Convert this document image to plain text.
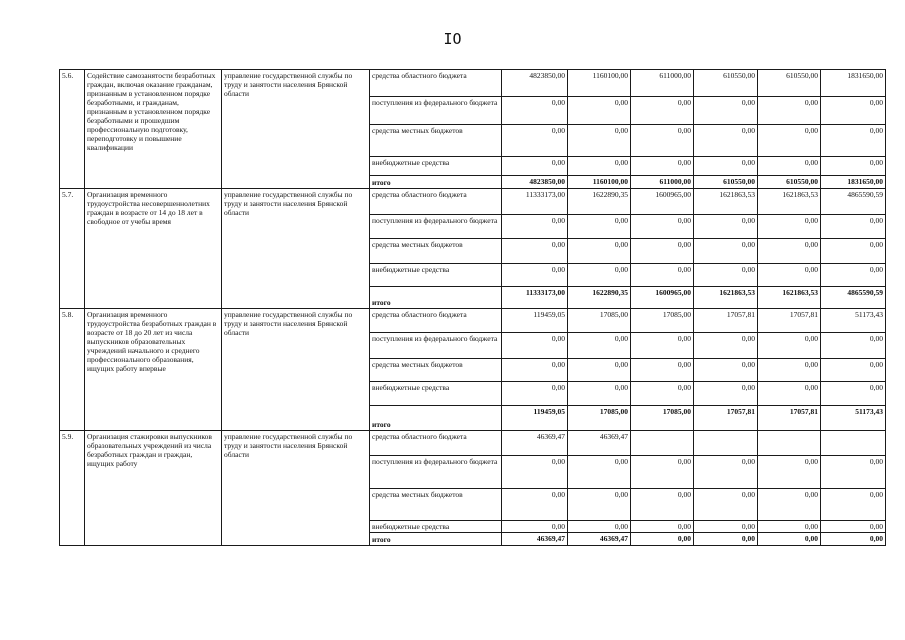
IO
5.6.	Содействие самозанятости безработных граждан, включая оказание гражданам, признанным в установленном порядке безработными, и гражданам, признанным в установленном порядке безработными и прошедшим профессиональную подготовку, переподготовку и повышение квалификации	управление государственной службы по труду и занятости населения Брянской области	средства областного бюджета	4823850,00	1160100,00	611000,00	610550,00	610550,00	1831650,00
			поступления из федерального бюджета	0,00	0,00	0,00	0,00	0,00	0,00
			средства местных бюджетов	0,00	0,00	0,00	0,00	0,00	0,00
			внебюджетные средства	0,00	0,00	0,00	0,00	0,00	0,00
			итого	4823850,00	1160100,00	611000,00	610550,00	610550,00	1831650,00
5.7.	Организация временного трудоустройства несовершеннолетних граждан в возрасте от 14 до 18 лет в свободное от учебы время	управление государственной службы по труду и занятости населения Брянской области	средства областного бюджета	11333173,00	1622890,35	1600965,00	1621863,53	1621863,53	4865590,59
			поступления из федерального бюджета	0,00	0,00	0,00	0,00	0,00	0,00
			средства местных бюджетов	0,00	0,00	0,00	0,00	0,00	0,00
			внебюджетные средства	0,00	0,00	0,00	0,00	0,00	0,00
			итого	11333173,00	1622890,35	1600965,00	1621863,53	1621863,53	4865590,59
5.8.	Организация временного трудоустройства безработных граждан в возрасте от 18 до 20 лет из числа выпускников образовательных учреждений начального и среднего профессионального образования, ищущих работу впервые	управление государственной службы по труду и занятости населения Брянской области	средства областного бюджета	119459,05	17085,00	17085,00	17057,81	17057,81	51173,43
			поступления из федерального бюджета	0,00	0,00	0,00	0,00	0,00	0,00
			средства местных бюджетов	0,00	0,00	0,00	0,00	0,00	0,00
			внебюджетные средства	0,00	0,00	0,00	0,00	0,00	0,00
			итого	119459,05	17085,00	17085,00	17057,81	17057,81	51173,43
5.9.	Организация стажировки выпускников образовательных учреждений из числа безработных граждан и граждан, ищущих работу	управление государственной службы по труду и занятости населения Брянской области	средства областного бюджета	46369,47	46369,47				
			поступления из федерального бюджета	0,00	0,00	0,00	0,00	0,00	0,00
			средства местных бюджетов	0,00	0,00	0,00	0,00	0,00	0,00
			внебюджетные средства	0,00	0,00	0,00	0,00	0,00	0,00
			итого	46369,47	46369,47	0,00	0,00	0,00	0,00
